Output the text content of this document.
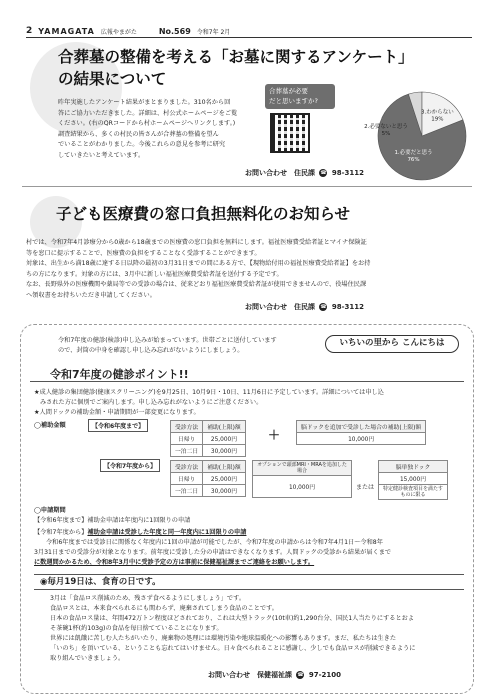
2 YAMAGATA 広報やまがた	No.569 令和7年 2月
合葬墓の整備を考える「お墓に関するアンケート」
の結果について
昨年実施したアンケート結果がまとまりました。310名から回
答にご協力いただきました。詳細は、村公式ホームページをご覧
ください。(右のQRコードから村ホームページへリンクします。)
調査結果から、多くの村民の皆さんが合葬墓の整備を望ん
でいることがわかりました。今後これらの意見を参考に研究
していきたいと考えています。
合葬墓が必要
だと思いますか?
1.必要だと思う
76%
2.必要ないと思う
5%
3.わからない
19%
お問い合わせ　住民課 ☎ 98-3112
子ども医療費の窓口負担無料化のお知らせ
村では、令和7年4月診療分から0歳から18歳までの医療費の窓口負担を無料にします。福祉医療費受給者証とマイナ保険証
等を窓口に提示することで、医療費の負担をすることなく受診することができます。
対象は、出生から満18歳に達する日以降の最初の3月31日までの間にある方で、【現物給付用の福祉医療費受給者証】をお持
ちの方になります。対象の方には、3月中に新しい福祉医療費受給者証を送付する予定です。
なお、長野県外の医療機関や薬局等での受診の場合は、従来どおり福祉医療費受給者証が使用できませんので、役場住民課
へ領収書をお持ちいただき申請してください。
お問い合わせ　住民課 ☎ 98-3112
令和7年度の健診(検診)申し込みが始まっています。世帯ごとに送付しています
ので、封筒の中身を確認し申し込み忘れがないようにしましょう。
いちいの里から こんにちは
令和7年度の健診ポイント!!
★成人健診の集団健診(健康スクリーニング)を9月25日、10月9日・10日、11月6日に予定しています。詳細については申し込
みされた方に個別でご案内します。申し込み忘れがないようにご注意ください。
★人間ドックの補助金額・申請期間が一部変更になります。
◯補助金額	【令和6年度まで】	受診方法	補助(上限)額
日帰り	25,000円
一泊二日	30,000円
＋	脳ドックを追加で受診した場合の補助(上限)額
10,000円
【令和7年度から】	受診方法	補助(上限)額
日帰り	25,000円
一泊二日	30,000円
オプションで頭部MRI・MRAを追加した場合
10,000円	または
脳単独ドック
15,000円
特定健診検査項目を満たすものに限る
◯申請期間
【令和6年度まで】補助金申請は年度内に1回限りの申請
【令和7年度から】補助金申請は受診した年度と同一年度内に1回限りの申請
令和6年度までは受診日に関係なく年度内に1回の申請が可能でしたが、令和7年度の申請からは令和7年4月1日～令和8年
3月31日までの受診分が対象となります。前年度に受診した分の申請はできなくなります。人間ドックの受診から結果が届くまで
に数週間かかるため、令和8年3月中に受診予定の方は事前に保健福祉課までご連絡をお願いします。
◉毎月19日は、食育の日です。
3月は「食品ロス削減のため、残さず食べるようにしましょう」です。
食品ロスとは、本来食べられるにも関わらず、廃棄されてしまう食品のことです。
日本の食品ロス量は、年間472万トン程度ほどされており、これは大型トラック(10t車)約1,290台分、国民1人当たりにするとおよ
そ茶碗1杯(約103g)の食品を毎日捨てていることになります。
世界には飢餓に苦しむ人たちがいたり、廃棄物の処理には環境汚染や地球温暖化への影響もあります。まだ、私たちは生きた
「いのち」を頂いている、ということも忘れてはいけません。日々食べられることに感謝し、少しでも食品ロスが削減できるように
取り組んでいきましょう。
お問い合わせ　保健福祉課 ☎ 97-2100
